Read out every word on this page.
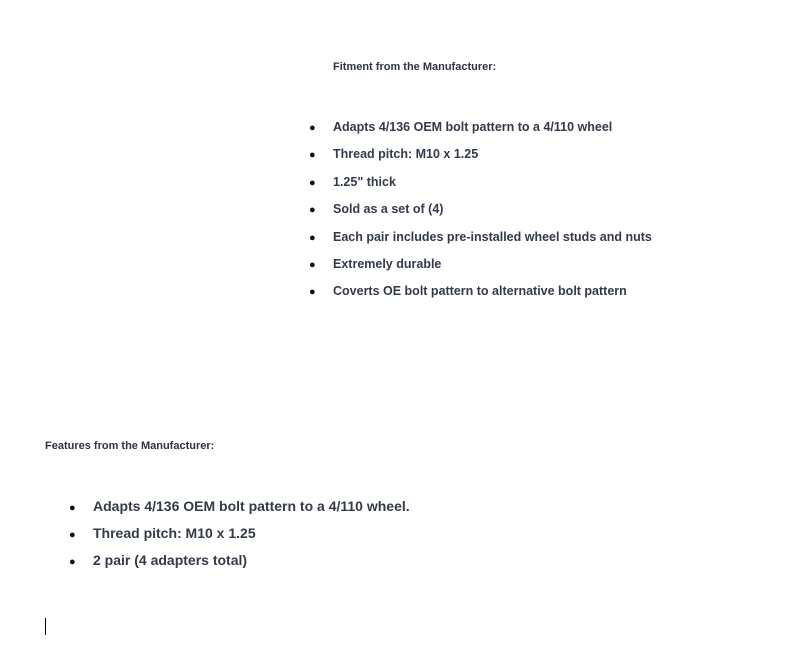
Fitment from the Manufacturer:
● Adapts 4/136 OEM bolt pattern to a 4/110 wheel
● Thread pitch: M10 x 1.25
● 1.25" thick
● Sold as a set of (4)
● Each pair includes pre-installed wheel studs and nuts
● Extremely durable
● Coverts OE bolt pattern to alternative bolt pattern
Features from the Manufacturer:
● Adapts 4/136 OEM bolt pattern to a 4/110 wheel.
● Thread pitch: M10 x 1.25
● 2 pair (4 adapters total)
